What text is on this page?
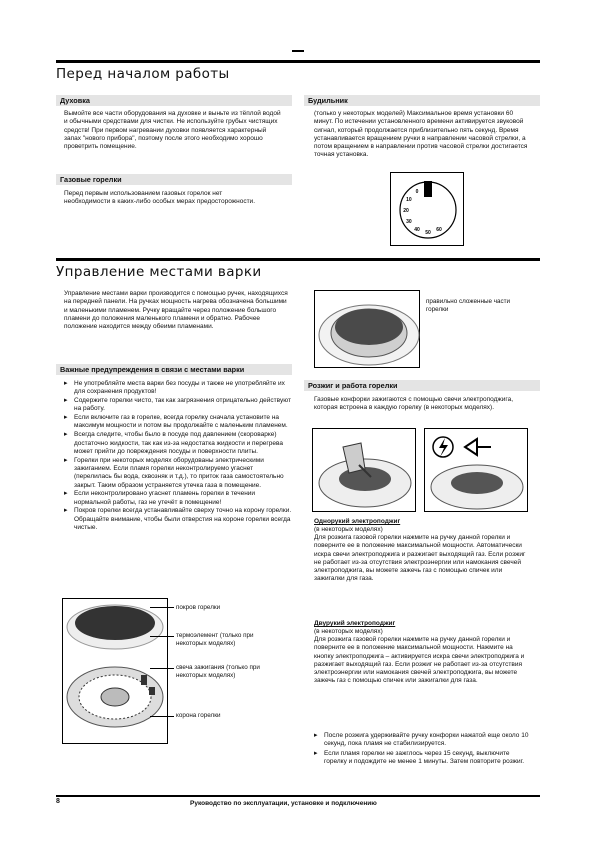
Перед началом работы
Духовка
Вымойте все части оборудования на духовке и выньте из тёплой водой и обычными средствами для чистки. Не используйте грубых чистящих средств! При первом нагревании духовки появляется характерный запах "нового прибора", поэтому после этого необходимо хорошо проветрить помещение.
Газовые горелки
Перед первым использованием газовых горелок нет необходимости в каких-либо особых мерах предосторожности.
Будильник
(только у некоторых моделей) Максимальное время установки 60 минут. По истечении установленного времени активируется звуковой сигнал, который продолжается приблизительно пять секунд. Время устанавливается вращением ручки в направлении часовой стрелки, а потом вращением в направлении против часовой стрелки достигается точная установка.
60
50
40
30
20
10
0
Управление местами варки
Управление местами варки производится с помощью ручек, находящихся на передней панели. На ручках мощность нагрева обозначена большими и маленькими пламенем. Ручку вращайте через положение большого пламени до положения маленького пламени и обратно. Рабочее положение находится между обеими пламенами.
правильно сложенные части горелки
Важные предупреждения в связи с местами варки
▸ Не употребляйте места варки без посуды и также не употребляйте их для сохранения продуктов!
▸ Содержите горелки чисто, так как загрязнения отрицательно действуют на работу.
▸ Если включите газ в горелке, всегда горелку сначала установите на максимум мощности и потом вы продолжайте с маленьким пламенем.
▸ Всегда следите, чтобы было в посуде под давлением (скороварке) достаточно жидкости, так как из-за недостатка жидкости и перегрева может прийти до повреждения посуды и поверхности плиты.
▸ Горелки при некоторых моделях оборудованы электрическими зажиганием. Если пламя горелки неконтролируемо угаснет (перелилась бы вода, сквозняк и т.д.), то приток газа самостоятельно закрыт. Таким образом устраняется утечка газа в помещение.
▸ Если неконтролировано угаснет пламень горелки в течении нормальной работы, газ не утечёт в помещение!
▸ Покров горелки всегда устанавливайте сверху точно на корону горелки. Обращайте внимание, чтобы были отверстия на короне горелки всегда чистые.
покров горелки
термоэлемент (только при некоторых моделях)
свеча зажигания (только при некоторых моделях)
корона горелки
Розжиг и работа горелки
Газовые конфорки зажигаются с помощью свечи электроподжига, которая встроена в каждую горелку (в некоторых моделях).
Однорукий электроподжиг
(в некоторых моделях)
Для розжига газовой горелки нажмите на ручку данной горелки и поверните ее в положение максимальной мощности. Автоматически искра свечи электроподжига и разжигает выходящий газ. Если розжиг не работает из-за отсутствия электроэнергии или намокания свечей электроподжига, вы можете зажечь газ с помощью спичек или зажигалки для газа.
Двурукий электроподжиг
(в некоторых моделях)
Для розжига газовой горелки нажмите на ручку данной горелки и поверните ее в положение максимальной мощности. Нажмите на кнопку электроподжига – активируется искра свечи электроподжига и разжигает выходящий газ. Если розжиг не работает из-за отсутствия электроэнергии или намокания свечей электроподжига, вы можете зажечь газ с помощью спичек или зажигалки для газа.
▸ После розжига удерживайте ручку конфорки нажатой еще около 10 секунд, пока пламя не стабилизируется.
▸ Если пламя горелки не зажглось через 15 секунд, выключите горелку и подождите не менее 1 минуты. Затем повторите розжиг.
8	Руководство по эксплуатации, установке и подключению
